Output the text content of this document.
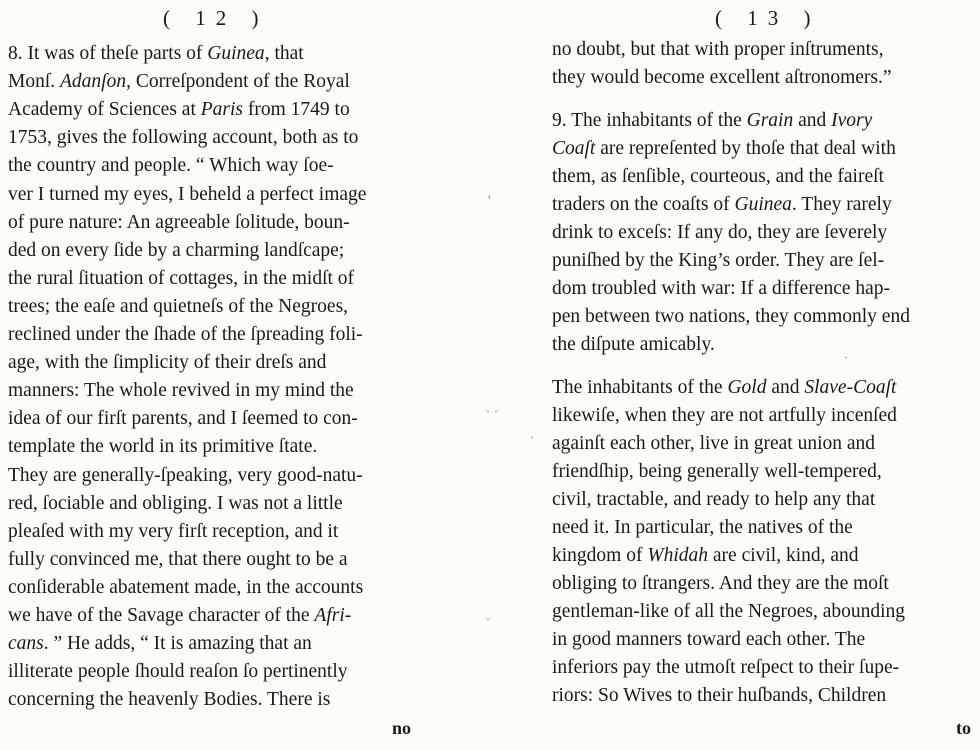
( 12 )
8. It was of theſe parts of Guinea, that
Monſ. Adanſon, Correſpondent of the Royal
Academy of Sciences at Paris from 1749 to
1753, gives the following account, both as to
the country and people. “ Which way ſoe-
ver I turned my eyes, I beheld a perfect image
of pure nature: An agreeable ſolitude, boun-
ded on every ſide by a charming landſcape;
the rural ſituation of cottages, in the midſt of
trees; the eaſe and quietneſs of the Negroes,
reclined under the ſhade of the ſpreading foli-
age, with the ſimplicity of their dreſs and
manners: The whole revived in my mind the
idea of our firſt parents, and I ſeemed to con-
template the world in its primitive ſtate.
They are generally-ſpeaking, very good-natu-
red, ſociable and obliging. I was not a little
pleaſed with my very firſt reception, and it
fully convinced me, that there ought to be a
conſiderable abatement made, in the accounts
we have of the Savage character of the Afri-
cans. ” He adds, “ It is amazing that an
illiterate people ſhould reaſon ſo pertinently
concerning the heavenly Bodies. There is
no
( 13 )
no doubt, but that with proper inſtruments,
they would become excellent aſtronomers.”
9. The inhabitants of the Grain and Ivory
Coaſt are repreſented by thoſe that deal with
them, as ſenſible, courteous, and the faireſt
traders on the coaſts of Guinea. They rarely
drink to exceſs: If any do, they are ſeverely
puniſhed by the King’s order. They are ſel-
dom troubled with war: If a difference hap-
pen between two nations, they commonly end
the diſpute amicably.
The inhabitants of the Gold and Slave-Coaſt
likewiſe, when they are not artfully incenſed
againſt each other, live in great union and
friendſhip, being generally well-tempered,
civil, tractable, and ready to help any that
need it. In particular, the natives of the
kingdom of Whidah are civil, kind, and
obliging to ſtrangers. And they are the moſt
gentleman-like of all the Negroes, abounding
in good manners toward each other. The
inferiors pay the utmoſt reſpect to their ſupe-
riors: So Wives to their huſbands, Children
to
,
· ·
·
·
·
